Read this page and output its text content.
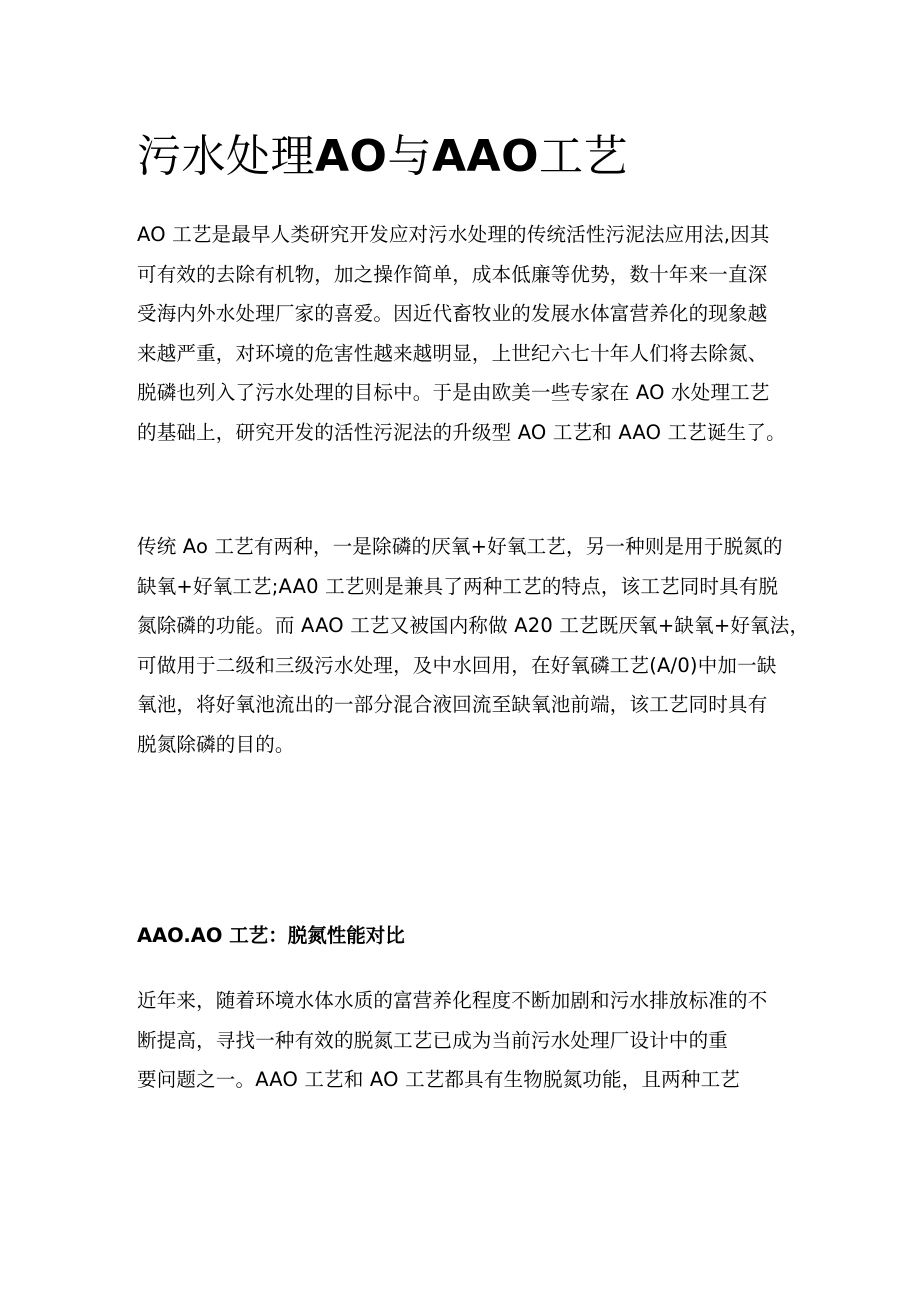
污水处理AO与AAO工艺

AO 工艺是最早人类研究开发应对污水处理的传统活性污泥法应用法,因其
可有效的去除有机物，加之操作简单，成本低廉等优势，数十年来一直深
受海内外水处理厂家的喜爱。因近代畜牧业的发展水体富营养化的现象越
来越严重，对环境的危害性越来越明显，上世纪六七十年人们将去除氮、
脱磷也列入了污水处理的目标中。于是由欧美一些专家在 AO 水处理工艺
的基础上，研究开发的活性污泥法的升级型 AO 工艺和 AAO 工艺诞生了。

传统 Ao 工艺有两种，一是除磷的厌氧+好氧工艺，另一种则是用于脱氮的
缺氧+好氧工艺;AA0 工艺则是兼具了两种工艺的特点，该工艺同时具有脱
氮除磷的功能。而 AAO 工艺又被国内称做 A20 工艺既厌氧+缺氧+好氧法，
可做用于二级和三级污水处理，及中水回用，在好氧磷工艺(A/0)中加一缺
氧池，将好氧池流出的一部分混合液回流至缺氧池前端，该工艺同时具有
脱氮除磷的目的。

AAO.AO 工艺：脱氮性能对比

近年来，随着环境水体水质的富营养化程度不断加剧和污水排放标准的不
断提高，寻找一种有效的脱氮工艺已成为当前污水处理厂设计中的重
要问题之一。AAO 工艺和 AO 工艺都具有生物脱氮功能，且两种工艺
